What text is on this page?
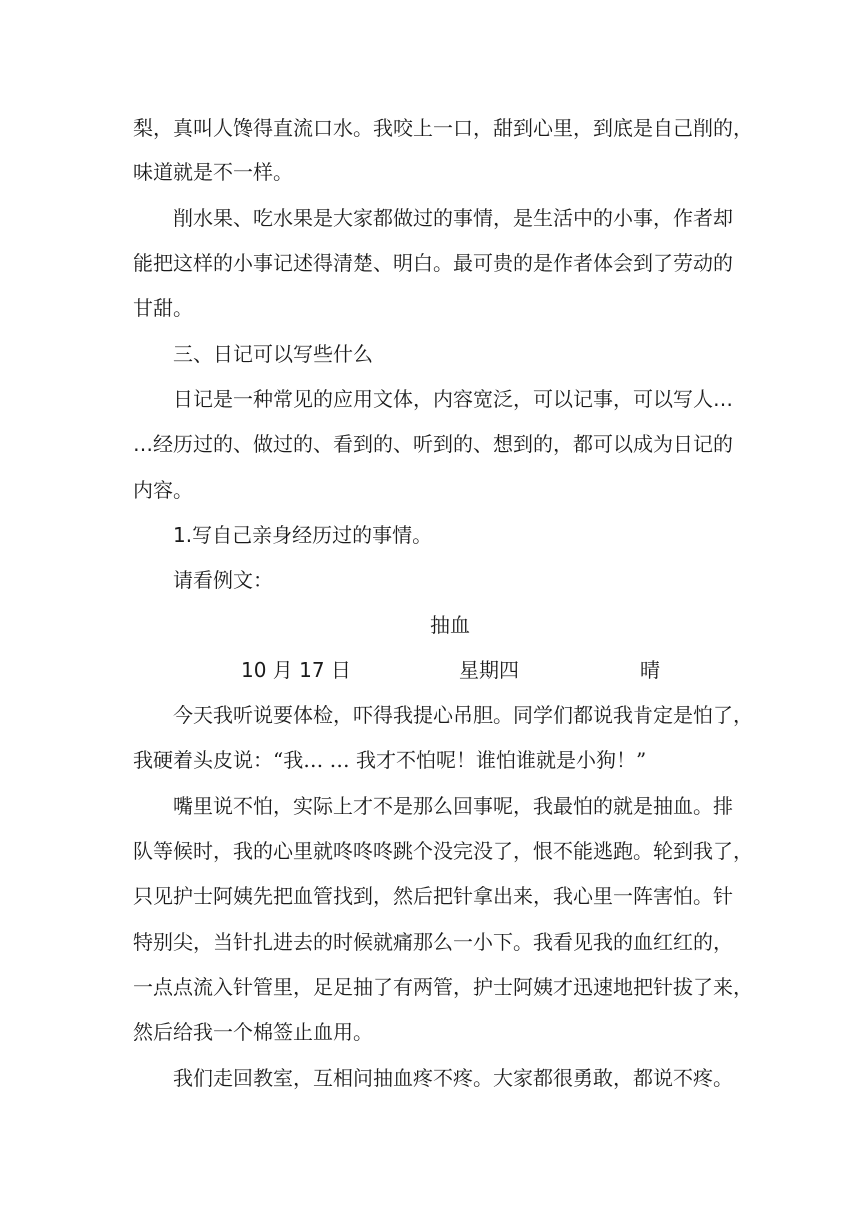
梨，真叫人馋得直流口水。我咬上一口，甜到心里，到底是自己削的，
味道就是不一样。
削水果、吃水果是大家都做过的事情，是生活中的小事，作者却
能把这样的小事记述得清楚、明白。最可贵的是作者体会到了劳动的
甘甜。
三、日记可以写些什么
日记是一种常见的应用文体，内容宽泛，可以记事，可以写人…
…经历过的、做过的、看到的、听到的、想到的，都可以成为日记的
内容。
1.写自己亲身经历过的事情。
请看例文：
抽血
10 月 17 日	星期四	晴
今天我听说要体检，吓得我提心吊胆。同学们都说我肯定是怕了，
我硬着头皮说：“我… … 我才不怕呢！谁怕谁就是小狗！”
嘴里说不怕，实际上才不是那么回事呢，我最怕的就是抽血。排
队等候时，我的心里就咚咚咚跳个没完没了，恨不能逃跑。轮到我了，
只见护士阿姨先把血管找到，然后把针拿出来，我心里一阵害怕。针
特别尖，当针扎进去的时候就痛那么一小下。我看见我的血红红的，
一点点流入针管里，足足抽了有两管，护士阿姨才迅速地把针拔了来，
然后给我一个棉签止血用。
我们走回教室，互相问抽血疼不疼。大家都很勇敢，都说不疼。
